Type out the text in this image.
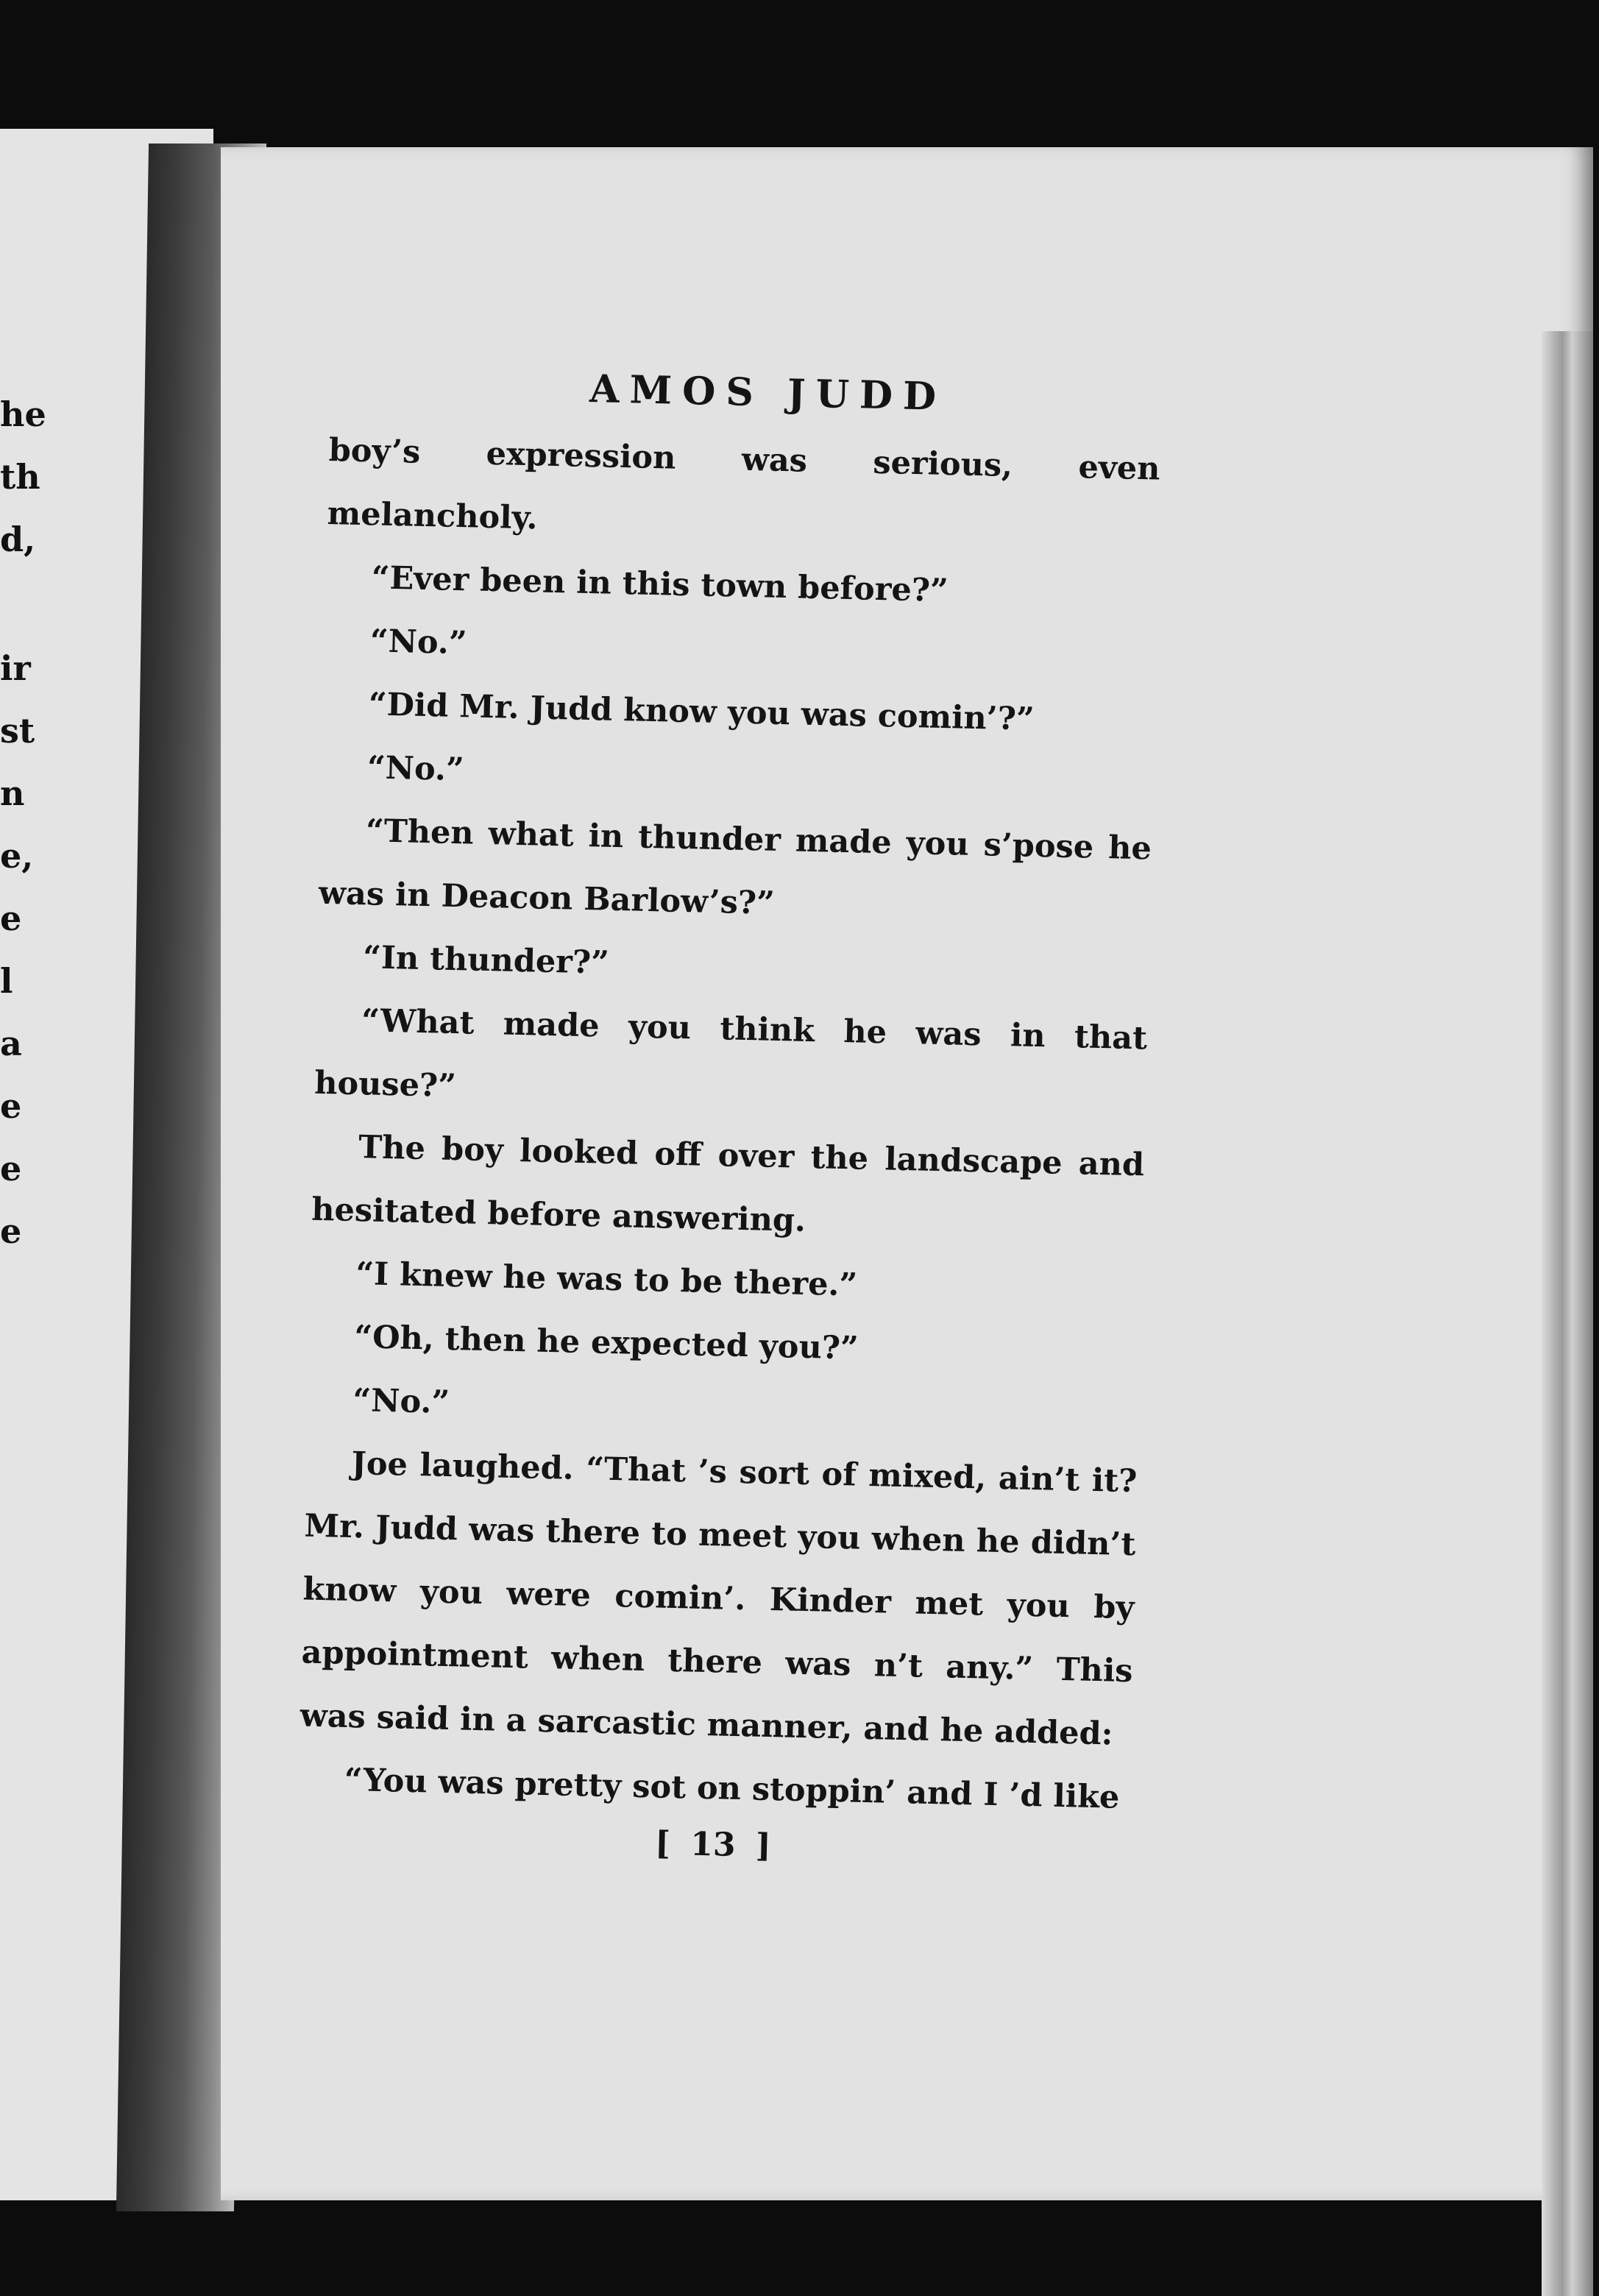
he
th
d,
ir
st
n
e,
e
l
a
e
e
e
AMOS JUDD

boy’s expression was serious, even melancholy.

“Ever been in this town before?”

“No.”

“Did Mr. Judd know you was comin’?”

“No.”

“Then what in thunder made you s’pose he was in Deacon Barlow’s?”

“In thunder?”

“What made you think he was in that house?”

The boy looked off over the landscape and hesitated before answering.

“I knew he was to be there.”

“Oh, then he expected you?”

“No.”

Joe laughed. “That ’s sort of mixed, ain’t it? Mr. Judd was there to meet you when he didn’t know you were comin’. Kinder met you by appointment when there was n’t any.” This was said in a sarcastic manner, and he added:

“You was pretty sot on stoppin’ and I ’d like

[ 13 ]
